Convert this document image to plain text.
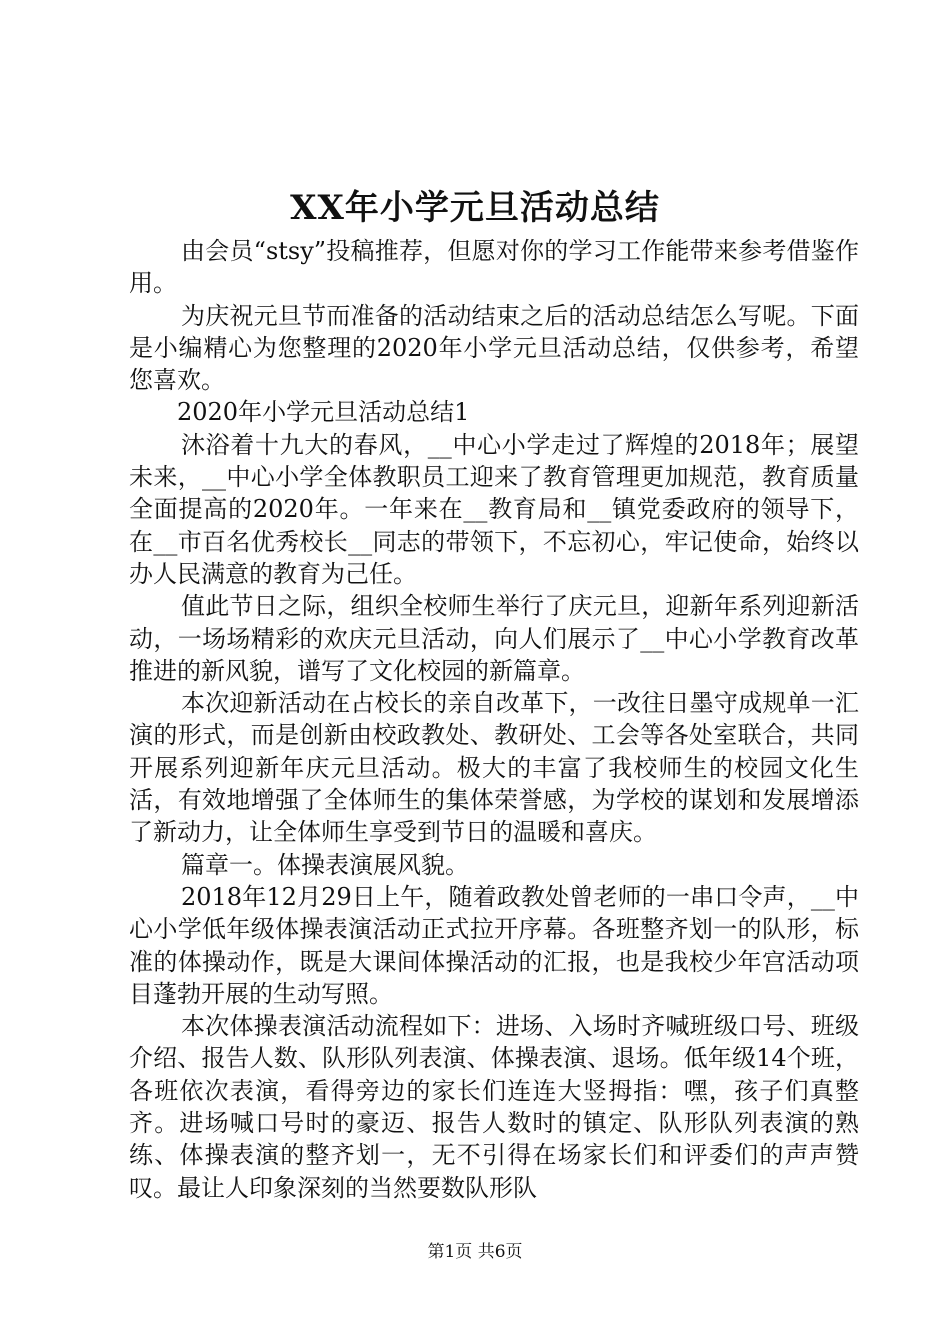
XX年小学元旦活动总结

由会员“stsy”投稿推荐，但愿对你的学习工作能带来参考借鉴作用。

为庆祝元旦节而准备的活动结束之后的活动总结怎么写呢。下面是小编精心为您整理的2020年小学元旦活动总结，仅供参考，希望您喜欢。

2020年小学元旦活动总结1

沐浴着十九大的春风，__中心小学走过了辉煌的2018年；展望未来，__中心小学全体教职员工迎来了教育管理更加规范，教育质量全面提高的2020年。一年来在__教育局和__镇党委政府的领导下，在__市百名优秀校长__同志的带领下，不忘初心，牢记使命，始终以办人民满意的教育为己任。

值此节日之际，组织全校师生举行了庆元旦，迎新年系列迎新活动，一场场精彩的欢庆元旦活动，向人们展示了__中心小学教育改革推进的新风貌，谱写了文化校园的新篇章。

本次迎新活动在占校长的亲自改革下，一改往日墨守成规单一汇演的形式，而是创新由校政教处、教研处、工会等各处室联合，共同开展系列迎新年庆元旦活动。极大的丰富了我校师生的校园文化生活，有效地增强了全体师生的集体荣誉感，为学校的谋划和发展增添了新动力，让全体师生享受到节日的温暖和喜庆。

篇章一。体操表演展风貌。

2018年12月29日上午，随着政教处曾老师的一串口令声，__中心小学低年级体操表演活动正式拉开序幕。各班整齐划一的队形，标准的体操动作，既是大课间体操活动的汇报，也是我校少年宫活动项目蓬勃开展的生动写照。

本次体操表演活动流程如下：进场、入场时齐喊班级口号、班级介绍、报告人数、队形队列表演、体操表演、退场。低年级14个班，各班依次表演，看得旁边的家长们连连大竖拇指：嘿，孩子们真整齐。进场喊口号时的豪迈、报告人数时的镇定、队形队列表演的熟练、体操表演的整齐划一，无不引得在场家长们和评委们的声声赞叹。最让人印象深刻的当然要数队形队

第1页 共6页
